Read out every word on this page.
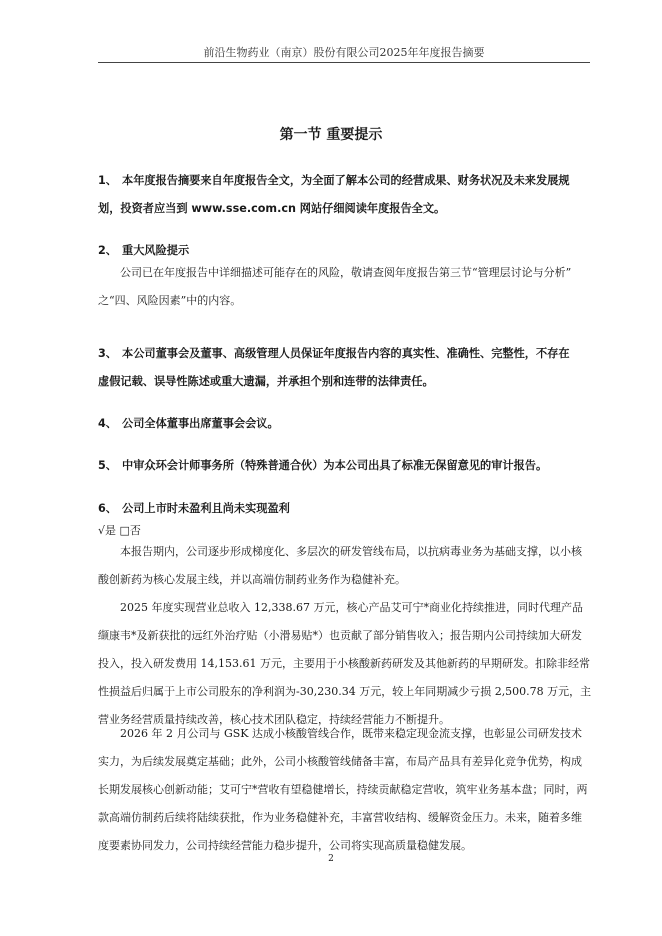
前沿生物药业（南京）股份有限公司2025年年度报告摘要
第一节 重要提示
1、 本年度报告摘要来自年度报告全文，为全面了解本公司的经营成果、财务状况及未来发展规
划，投资者应当到 www.sse.com.cn 网站仔细阅读年度报告全文。
2、 重大风险提示
公司已在年度报告中详细描述可能存在的风险，敬请查阅年度报告第三节“管理层讨论与分析”
之“四、风险因素”中的内容。
3、 本公司董事会及董事、高级管理人员保证年度报告内容的真实性、准确性、完整性，不存在
虚假记载、误导性陈述或重大遗漏，并承担个别和连带的法律责任。
4、 公司全体董事出席董事会会议。
5、 中审众环会计师事务所（特殊普通合伙）为本公司出具了标准无保留意见的审计报告。
6、 公司上市时未盈利且尚未实现盈利
√是 □否
本报告期内，公司逐步形成梯度化、多层次的研发管线布局，以抗病毒业务为基础支撑，以小核酸创新药为核心发展主线，并以高端仿制药业务作为稳健补充。
2025 年度实现营业总收入 12,338.67 万元，核心产品艾可宁*商业化持续推进，同时代理产品缬康韦*及新获批的远红外治疗贴（小滑易贴*）也贡献了部分销售收入；报告期内公司持续加大研发投入，投入研发费用 14,153.61 万元，主要用于小核酸新药研发及其他新药的早期研发。扣除非经常性损益后归属于上市公司股东的净利润为-30,230.34 万元，较上年同期减少亏损 2,500.78 万元，主营业务经营质量持续改善，核心技术团队稳定，持续经营能力不断提升。
2026 年 2 月公司与 GSK 达成小核酸管线合作，既带来稳定现金流支撑，也彰显公司研发技术实力，为后续发展奠定基础；此外，公司小核酸管线储备丰富，布局产品具有差异化竞争优势，构成长期发展核心创新动能；艾可宁*营收有望稳健增长，持续贡献稳定营收，筑牢业务基本盘；同时，两款高端仿制药后续将陆续获批，作为业务稳健补充，丰富营收结构、缓解资金压力。未来，随着多维度要素协同发力，公司持续经营能力稳步提升，公司将实现高质量稳健发展。
2
